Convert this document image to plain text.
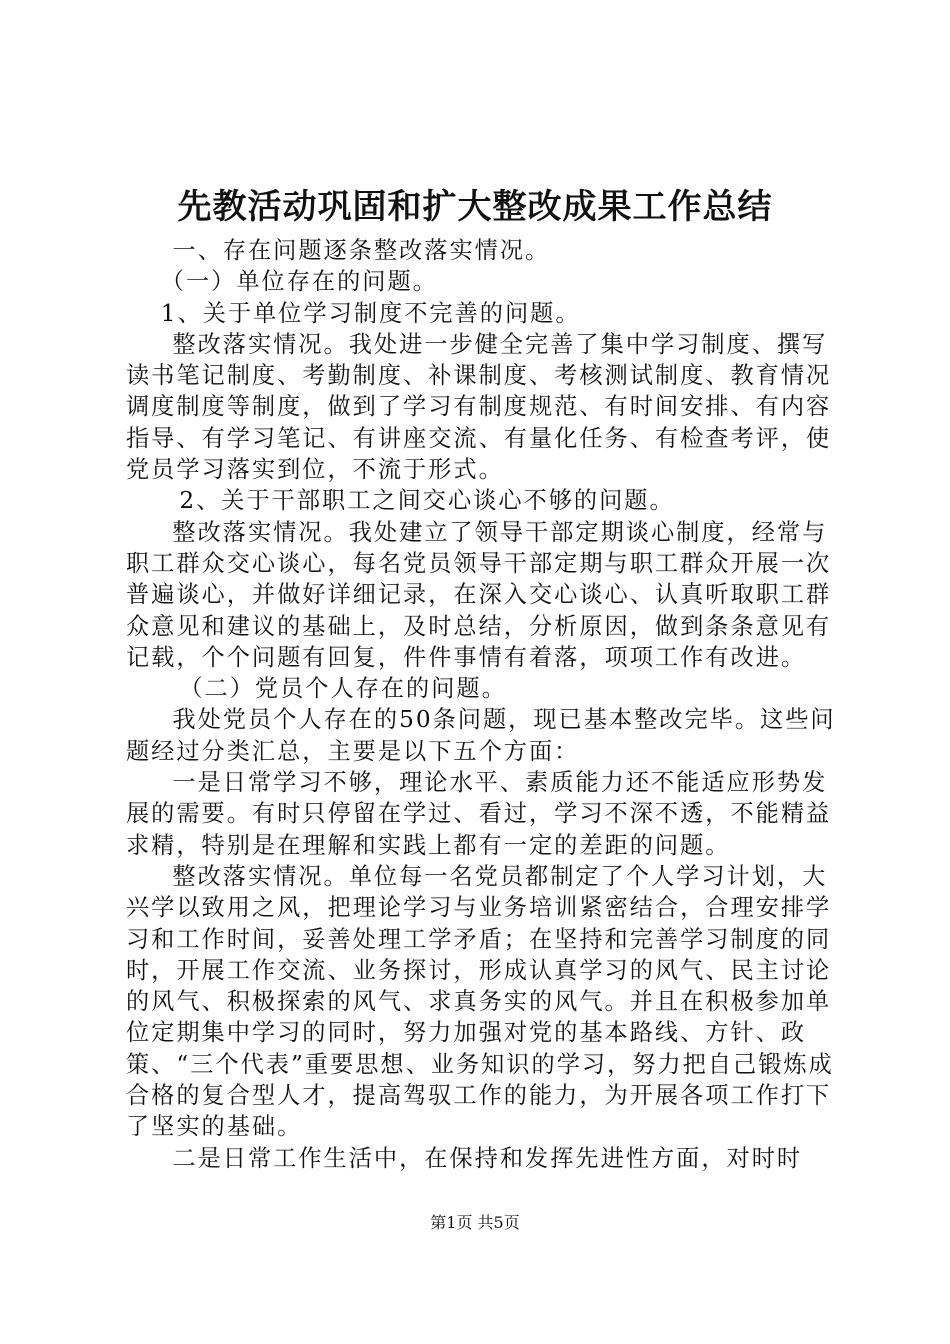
先教活动巩固和扩大整改成果工作总结

一、存在问题逐条整改落实情况。

（一）单位存在的问题。

1、关于单位学习制度不完善的问题。

整改落实情况。我处进一步健全完善了集中学习制度、撰写读书笔记制度、考勤制度、补课制度、考核测试制度、教育情况调度制度等制度，做到了学习有制度规范、有时间安排、有内容指导、有学习笔记、有讲座交流、有量化任务、有检查考评，使党员学习落实到位，不流于形式。

2、关于干部职工之间交心谈心不够的问题。

整改落实情况。我处建立了领导干部定期谈心制度，经常与职工群众交心谈心，每名党员领导干部定期与职工群众开展一次普遍谈心，并做好详细记录，在深入交心谈心、认真听取职工群众意见和建议的基础上，及时总结，分析原因，做到条条意见有记载，个个问题有回复，件件事情有着落，项项工作有改进。

（二）党员个人存在的问题。

我处党员个人存在的50条问题，现已基本整改完毕。这些问题经过分类汇总，主要是以下五个方面：

一是日常学习不够，理论水平、素质能力还不能适应形势发展的需要。有时只停留在学过、看过，学习不深不透，不能精益求精，特别是在理解和实践上都有一定的差距的问题。

整改落实情况。单位每一名党员都制定了个人学习计划，大兴学以致用之风，把理论学习与业务培训紧密结合，合理安排学习和工作时间，妥善处理工学矛盾；在坚持和完善学习制度的同时，开展工作交流、业务探讨，形成认真学习的风气、民主讨论的风气、积极探索的风气、求真务实的风气。并且在积极参加单位定期集中学习的同时，努力加强对党的基本路线、方针、政策、“三个代表”重要思想、业务知识的学习，努力把自己锻炼成合格的复合型人才，提高驾驭工作的能力，为开展各项工作打下了坚实的基础。

二是日常工作生活中，在保持和发挥先进性方面，对时时

第1页 共5页
